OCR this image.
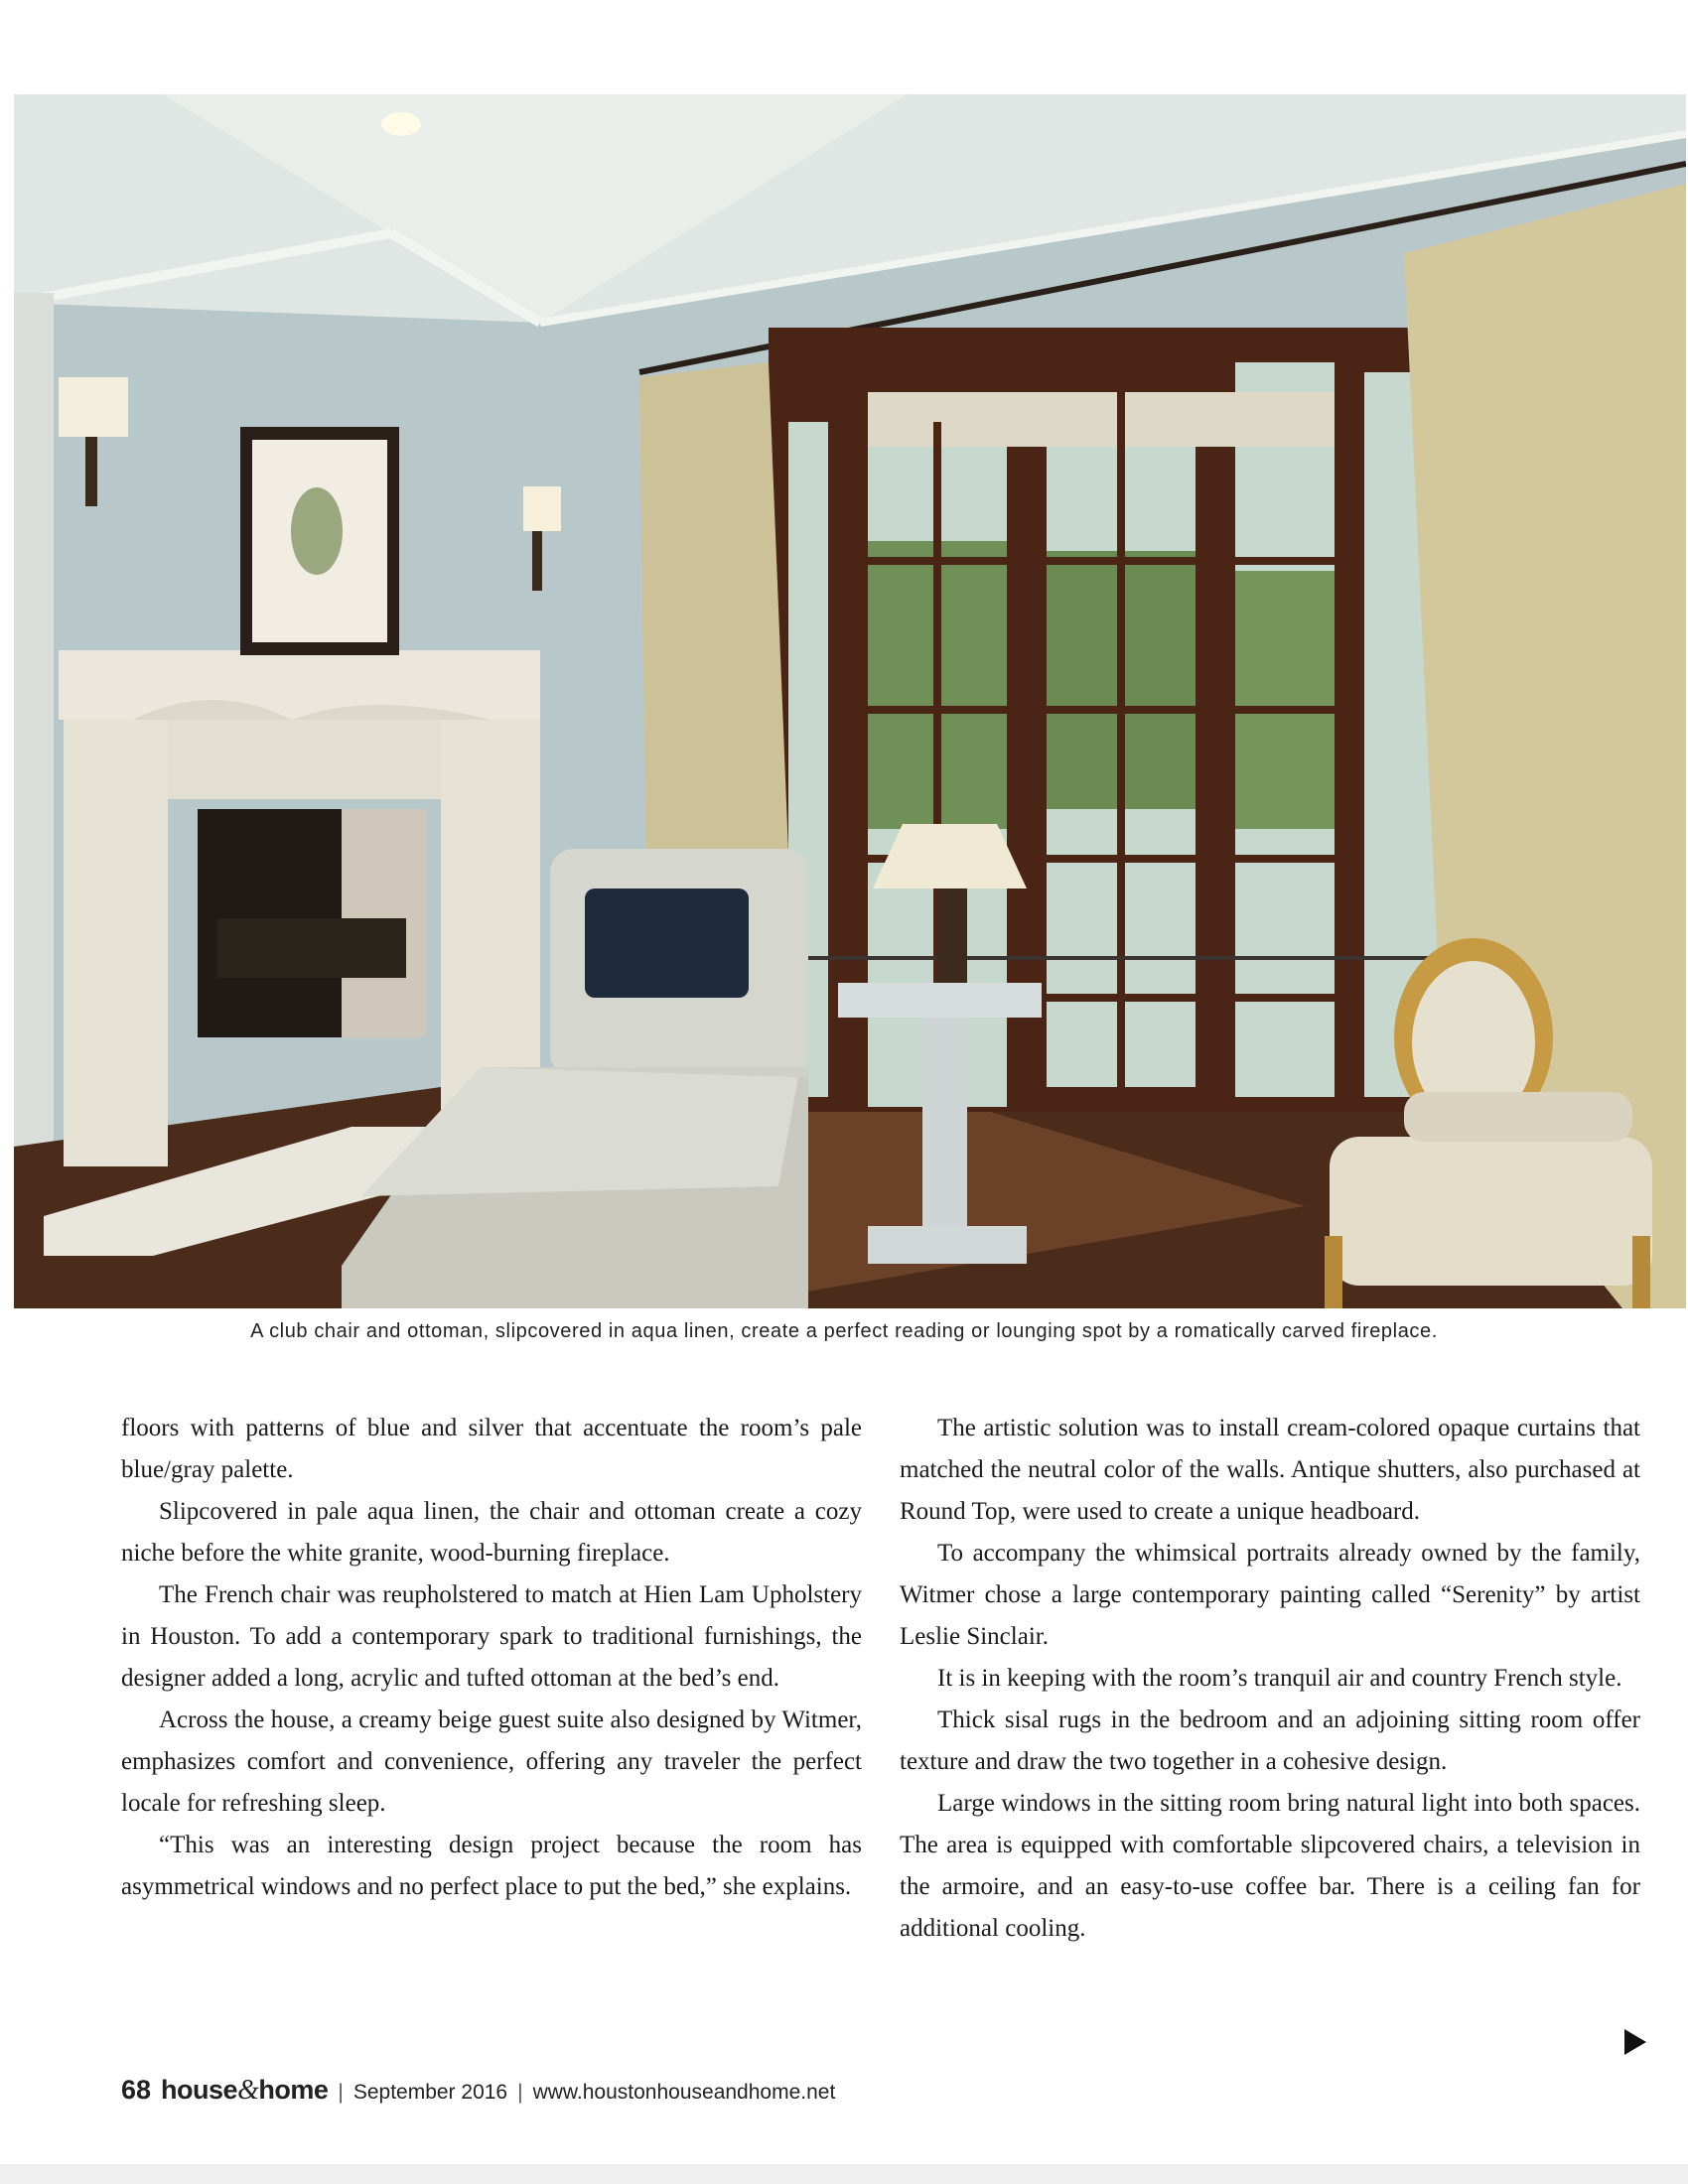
A club chair and ottoman, slipcovered in aqua linen, create a perfect reading or lounging spot by a romatically carved fireplace.

floors with patterns of blue and silver that accentuate the room’s pale blue/gray palette.

Slipcovered in pale aqua linen, the chair and ottoman create a cozy niche before the white granite, wood-burning fireplace.

The French chair was reupholstered to match at Hien Lam Upholstery in Houston. To add a contemporary spark to traditional furnishings, the designer added a long, acrylic and tufted ottoman at the bed’s end.

Across the house, a creamy beige guest suite also designed by Witmer, emphasizes comfort and convenience, offering any traveler the perfect locale for refreshing sleep.

“This was an interesting design project because the room has asymmetrical windows and no perfect place to put the bed,” she explains.

The artistic solution was to install cream-colored opaque curtains that matched the neutral color of the walls. Antique shutters, also purchased at Round Top, were used to create a unique headboard.

To accompany the whimsical portraits already owned by the family, Witmer chose a large contemporary painting called “Serenity” by artist Leslie Sinclair.

It is in keeping with the room’s tranquil air and country French style.

Thick sisal rugs in the bedroom and an adjoining sitting room offer texture and draw the two together in a cohesive design.

Large windows in the sitting room bring natural light into both spaces. The area is equipped with comfortable slipcovered chairs, a television in the armoire, and an easy-to-use coffee bar. There is a ceiling fan for additional cooling.

68 house&home | September 2016 | www.houstonhouseandhome.net
